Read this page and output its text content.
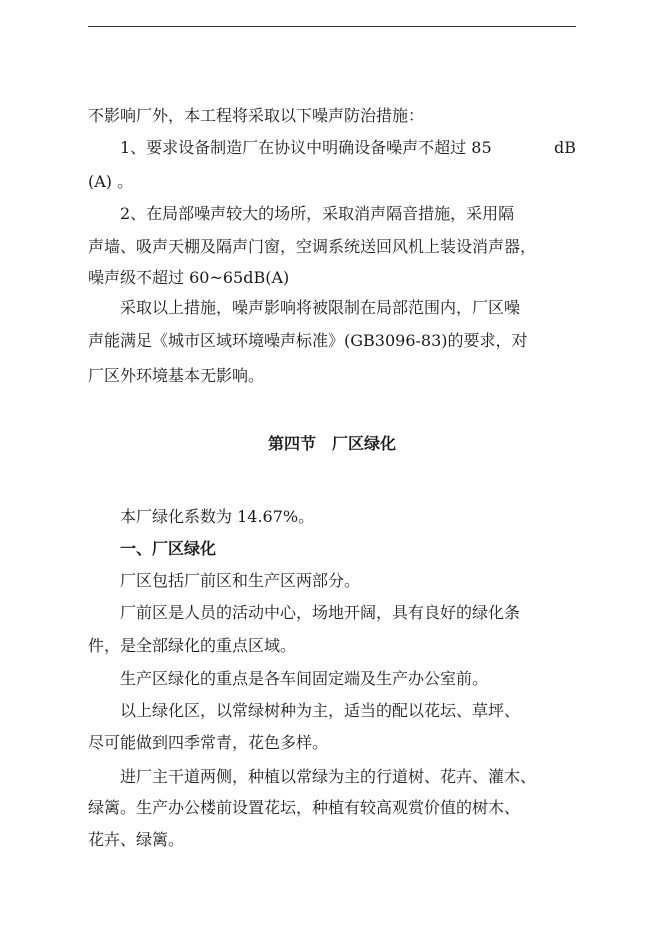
不影响厂外，本工程将采取以下噪声防治措施：
1、要求设备制造厂在协议中明确设备噪声不超过 85	dB
(A) 。
2、在局部噪声较大的场所，采取消声隔音措施，采用隔
声墙、吸声天棚及隔声门窗，空调系统送回风机上装设消声器，
噪声级不超过 60~65dB(A)
采取以上措施，噪声影响将被限制在局部范围内，厂区噪
声能满足《城市区域环境噪声标准》(GB3096-83)的要求，对
厂区外环境基本无影响。
第四节　厂区绿化
本厂绿化系数为 14.67%。
一、厂区绿化
厂区包括厂前区和生产区两部分。
厂前区是人员的活动中心，场地开阔，具有良好的绿化条
件，是全部绿化的重点区域。
生产区绿化的重点是各车间固定端及生产办公室前。
以上绿化区，以常绿树种为主，适当的配以花坛、草坪、
尽可能做到四季常青，花色多样。
进厂主干道两侧，种植以常绿为主的行道树、花卉、灌木、
绿篱。生产办公楼前设置花坛，种植有较高观赏价值的树木、
花卉、绿篱。
